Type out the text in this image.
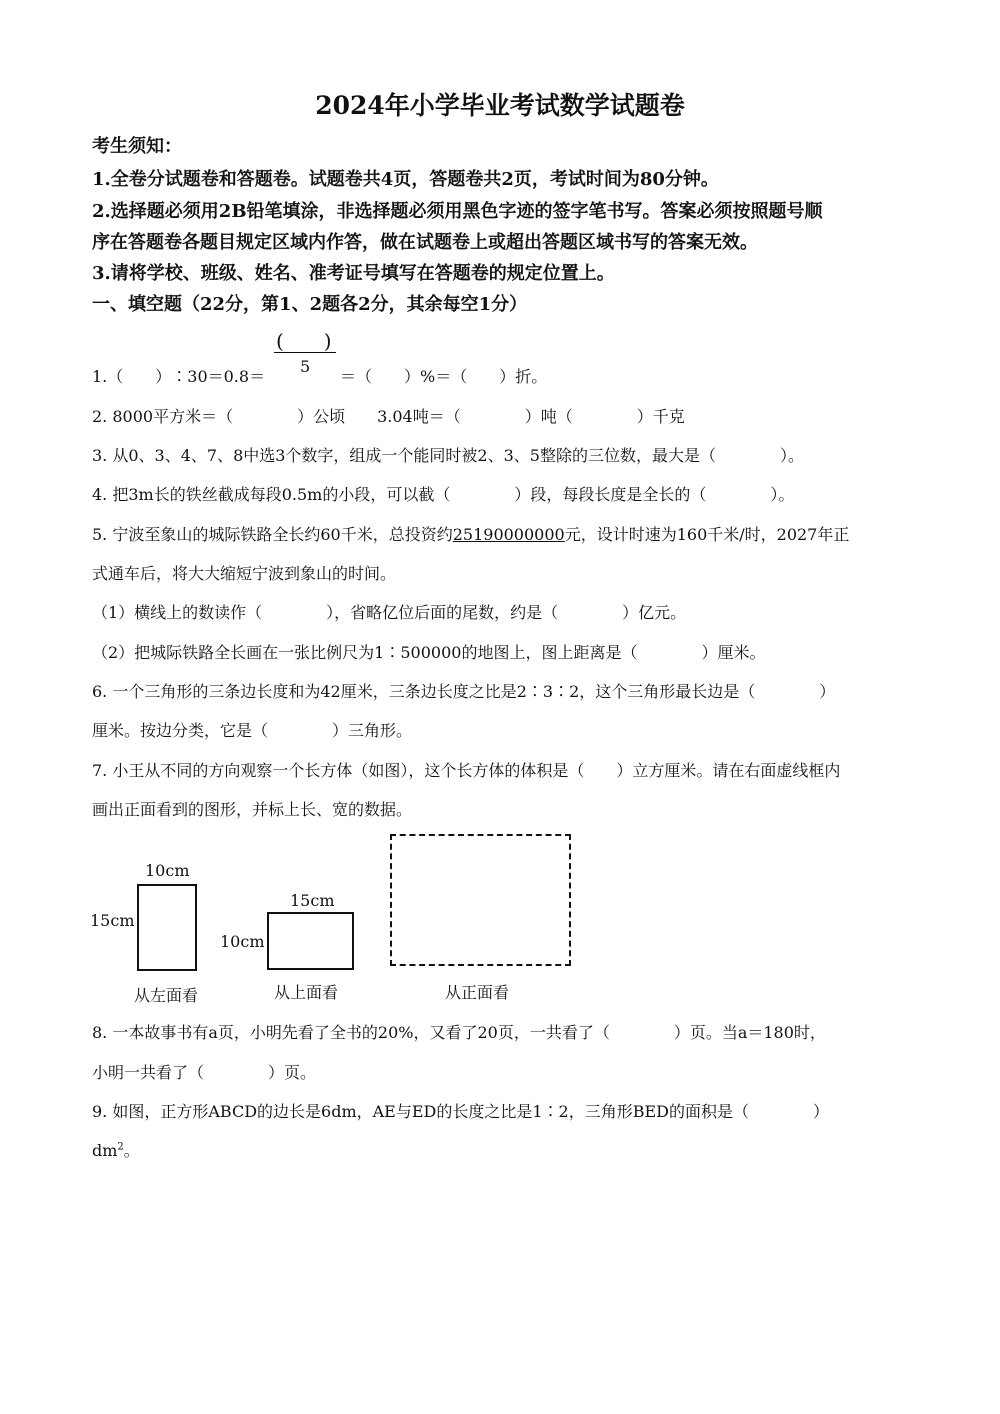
2024年小学毕业考试数学试题卷
考生须知：
1.全卷分试题卷和答题卷。试题卷共4页，答题卷共2页，考试时间为80分钟。
2.选择题必须用2B铅笔填涂，非选择题必须用黑色字迹的签字笔书写。答案必须按照题号顺
序在答题卷各题目规定区域内作答，做在试题卷上或超出答题区域书写的答案无效。
3.请将学校、班级、姓名、准考证号填写在答题卷的规定位置上。
一、填空题（22分，第1、2题各2分，其余每空1分）
(　　)
5
1.（　　）∶30＝0.8＝	＝（　　）%＝（　　）折。
2. 8000平方米＝（　　　　）公顷　　3.04吨＝（　　　　）吨（　　　　）千克
3. 从0、3、4、7、8中选3个数字，组成一个能同时被2、3、5整除的三位数，最大是（　　　　）。
4. 把3m长的铁丝截成每段0.5m的小段，可以截（　　　　）段，每段长度是全长的（　　　　）。
5. 宁波至象山的城际铁路全长约60千米，总投资约25190000000元，设计时速为160千米/时，2027年正
式通车后，将大大缩短宁波到象山的时间。
（1）横线上的数读作（　　　　），省略亿位后面的尾数，约是（　　　　）亿元。
（2）把城际铁路全长画在一张比例尺为1∶500000的地图上，图上距离是（　　　　）厘米。
6. 一个三角形的三条边长度和为42厘米，三条边长度之比是2∶3∶2，这个三角形最长边是（　　　　）
厘米。按边分类，它是（　　　　）三角形。
7. 小王从不同的方向观察一个长方体（如图），这个长方体的体积是（　　）立方厘米。请在右面虚线框内
画出正面看到的图形，并标上长、宽的数据。
10cm
15cm
从左面看
15cm
10cm
从上面看	从正面看
8. 一本故事书有a页，小明先看了全书的20%，又看了20页，一共看了（　　　　）页。当a＝180时，
小明一共看了（　　　　）页。
9. 如图，正方形ABCD的边长是6dm，AE与ED的长度之比是1∶2，三角形BED的面积是（　　　　）
$dm^2$。
